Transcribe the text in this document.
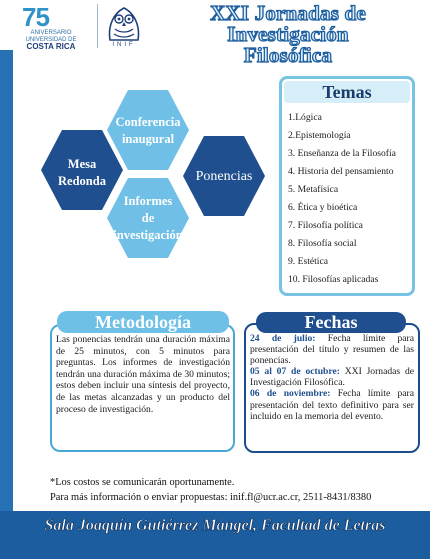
75
ANIVERSARIO
UNIVERSIDAD DE
COSTA RICA	INIF
XXI Jornadas de Investigación
Filosófica
Conferencia
inaugural
Mesa
Redonda	Ponencias
Informes
de
investigación
Temas
1.Lógica
2.Epistemología
3. Enseñanza de la Filosofía
4. Historia del pensamiento
5. Metafísica
6. Ética y bioética
7. Filosofía política
8. Filosofía social
9. Estética
10. Filosofías aplicadas
Metodología

Las ponencias tendrán una duración máxima de 25 minutos, con 5 minutos para preguntas. Los informes de investigación tendrán una duración máxima de 30 minutos; estos deben incluir una síntesis del proyecto, de las metas alcanzadas y un producto del proceso de investigación.

Fechas

24 de julio: Fecha límite para presentación del título y resumen de las ponencias.
05 al 07 de octubre: XXI Jornadas de Investigación Filosófica.
06 de noviembre: Fecha límite para presentación del texto definitivo para ser incluido en la memoria del evento.

*Los costos se comunicarán oportunamente.
Para más información o enviar propuestas: inif.fl@ucr.ac.cr, 2511-8431/8380
Sala Joaquín Gutiérrez Mangel, Facultad de Letras
